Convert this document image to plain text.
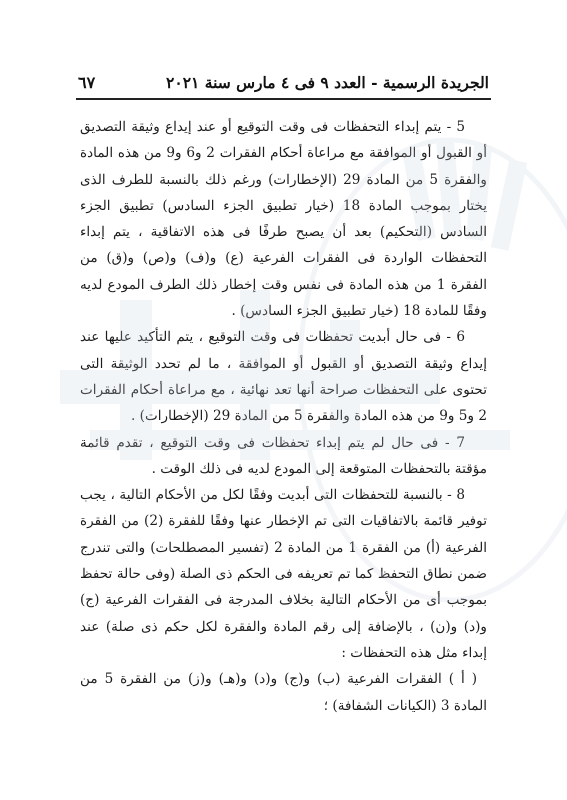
الجريدة الرسمية - العدد ٩ فى ٤ مارس سنة ٢٠٢١
٦٧

5 - يتم إبداء التحفظات فى وقت التوقيع أو عند إيداع وثيقة التصديق أو القبول أو الموافقة مع مراعاة أحكام الفقرات 2 و6 و9 من هذه المادة والفقرة 5 من المادة 29 (الإخطارات) ورغم ذلك بالنسبة للطرف الذى يختار بموجب المادة 18 (خيار تطبيق الجزء السادس) تطبيق الجزء السادس (التحكيم) بعد أن يصبح طرفًا فى هذه الاتفاقية ، يتم إبداء التحفظات الواردة فى الفقرات الفرعية (ع) و(ف) و(ص) و(ق) من الفقرة 1 من هذه المادة فى نفس وقت إخطار ذلك الطرف المودع لديه وفقًا للمادة 18 (خيار تطبيق الجزء السادس) .

6 - فى حال أبديت تحفظات فى وقت التوقيع ، يتم التأكيد عليها عند إيداع وثيقة التصديق أو القبول أو الموافقة ، ما لم تحدد الوثيقة التى تحتوى على التحفظات صراحة أنها تعد نهائية ، مع مراعاة أحكام الفقرات 2 و5 و9 من هذه المادة والفقرة 5 من المادة 29 (الإخطارات) .

7 - فى حال لم يتم إبداء تحفظات فى وقت التوقيع ، تقدم قائمة مؤقتة بالتحفظات المتوقعة إلى المودع لديه فى ذلك الوقت .

8 - بالنسبة للتحفظات التى أبديت وفقًا لكل من الأحكام التالية ، يجب توفير قائمة بالاتفاقيات التى تم الإخطار عنها وفقًا للفقرة (2) من الفقرة الفرعية (أ) من الفقرة 1 من المادة 2 (تفسير المصطلحات) والتى تندرج ضمن نطاق التحفظ كما تم تعريفه فى الحكم ذى الصلة (وفى حالة تحفظ بموجب أى من الأحكام التالية بخلاف المدرجة فى الفقرات الفرعية (ج) و(د) و(ن) ، بالإضافة إلى رقم المادة والفقرة لكل حكم ذى صلة) عند إبداء مثل هذه التحفظات :

( أ ) الفقرات الفرعية (ب) و(ج) و(د) و(هـ) و(ز) من الفقرة 5 من المادة 3 (الكيانات الشفافة) ؛
